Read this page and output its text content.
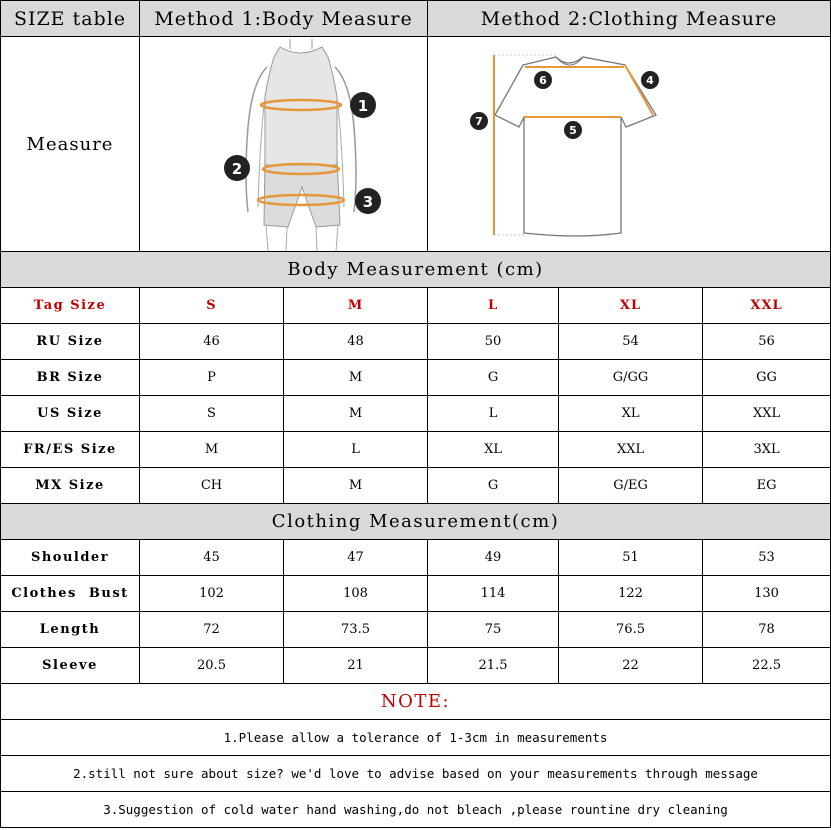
SIZE table	Method 1:Body Measure		Method 2:Clothing Measure		
Measure	1
2
3		4
5
6
7		

Body Measurement (cm)					
Tag Size	S	M	L	XL	XXL
RU Size	46	48	50	54	56
BR Size	P	M	G	G/GG	GG
US Size	S	M	L	XL	XXL
FR/ES Size	M	L	XL	XXL	3XL
MX Size	CH	M	G	G/EG	EG
Clothing Measurement(cm)					
Shoulder	45	47	49	51	53
Clothes  Bust	102	108	114	122	130
Length	72	73.5	75	76.5	78
Sleeve	20.5	21	21.5	22	22.5
NOTE:					
1.Please allow a tolerance of 1-3cm in measurements					
2.still not sure about size? we'd love to advise based on your measurements through message					
3.Suggestion of cold water hand washing,do not bleach ,please rountine dry cleaning					
